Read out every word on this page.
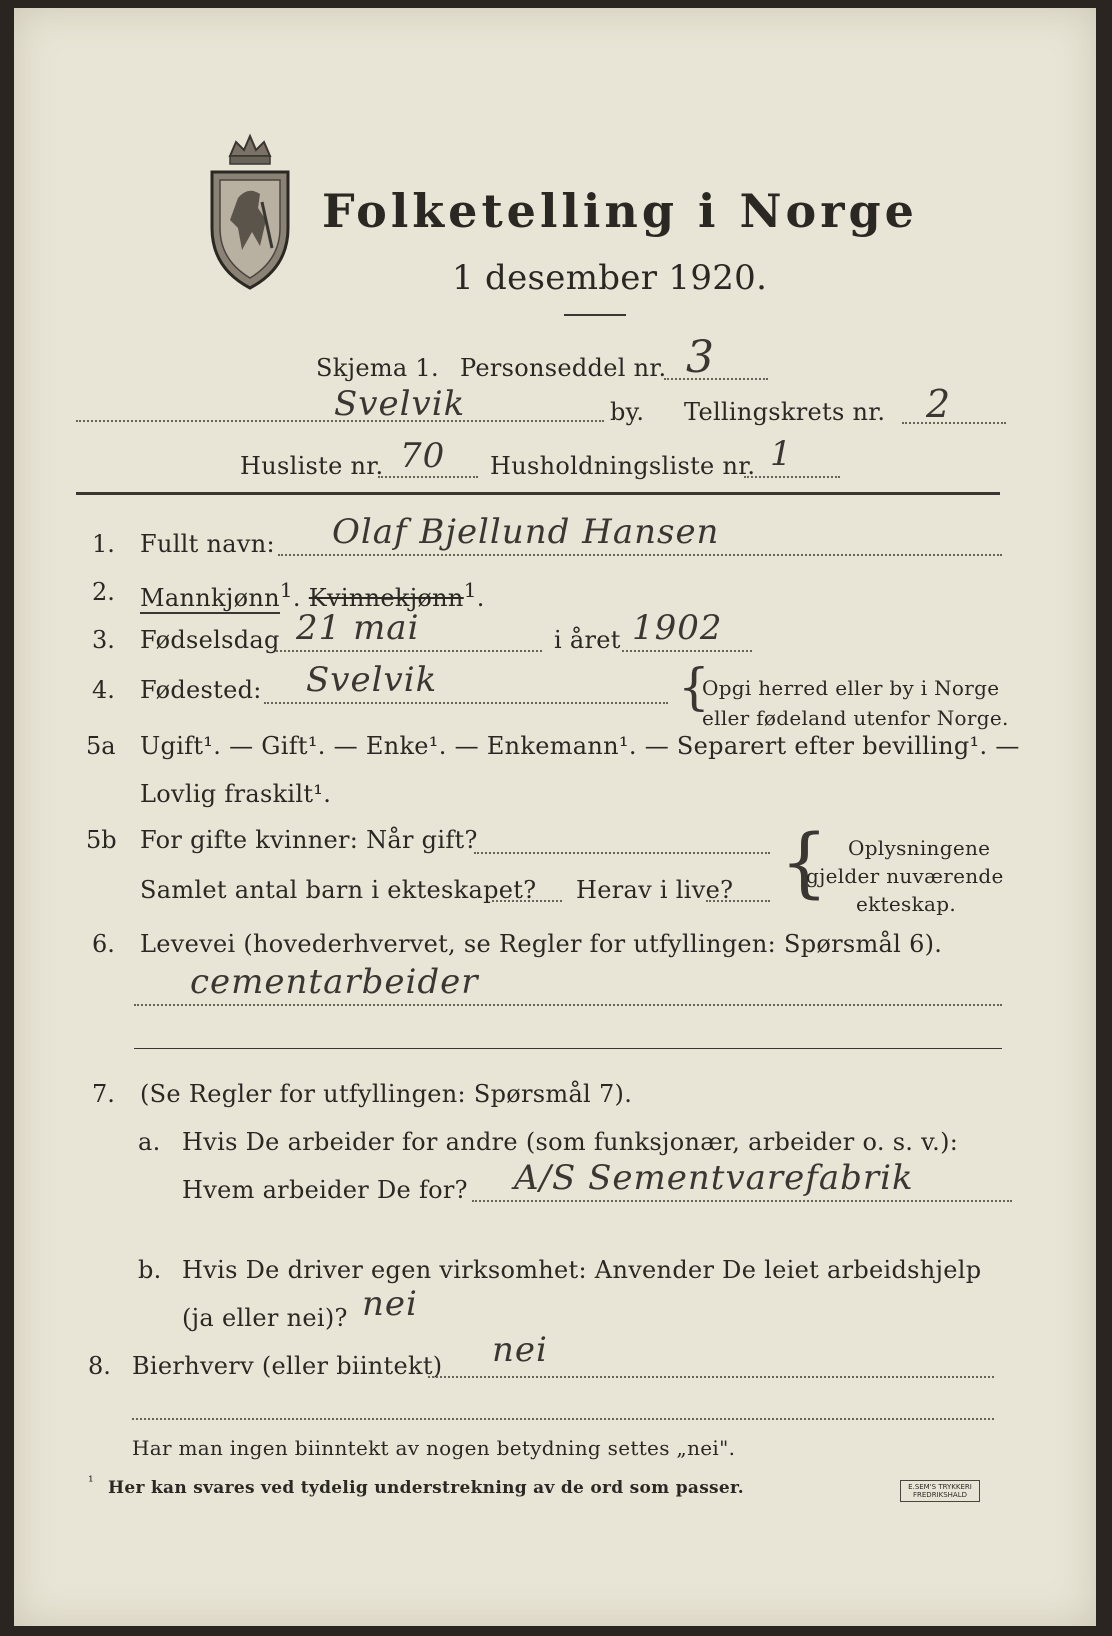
Folketelling i Norge
1 desember 1920.
Skjema 1. Personseddel nr. 3
Svelvik	by. Tellingskrets nr. 2
Husliste nr. 70 Husholdningsliste nr. 1
1. Fullt navn: Olaf Bjellund Hansen
2. Mannkjønn$^1$. Kvinnekjønn$^1$.
3. Fødselsdag 21 mai	i året 1902
4. Fødested: Svelvik	{
Opgi herred eller by i Norge
eller fødeland utenfor Norge.
5a Ugift¹. — Gift¹. — Enke¹. — Enkemann¹. — Separert efter bevilling¹. —
Lovlig fraskilt¹.
5b For gifte kvinner: Når gift?
Samlet antal barn i ekteskapet? Herav i live? { Oplysningene
gjelder nuværende
ekteskap.
6. Levevei (hovederhvervet, se Regler for utfyllingen: Spørsmål 6).
cementarbeider
7. (Se Regler for utfyllingen: Spørsmål 7).
a. Hvis De arbeider for andre (som funksjonær, arbeider o. s. v.):
Hvem arbeider De for? A/S Sementvarefabrik
b. Hvis De driver egen virksomhet: Anvender De leiet arbeidshjelp
(ja eller nei)? nei
8. Bierhverv (eller biintekt) nei
Har man ingen biinntekt av nogen betydning settes „nei".
¹ Her kan svares ved tydelig understrekning av de ord som passer.	E.SEM'S TRYKKERI FREDRIKSHALD
